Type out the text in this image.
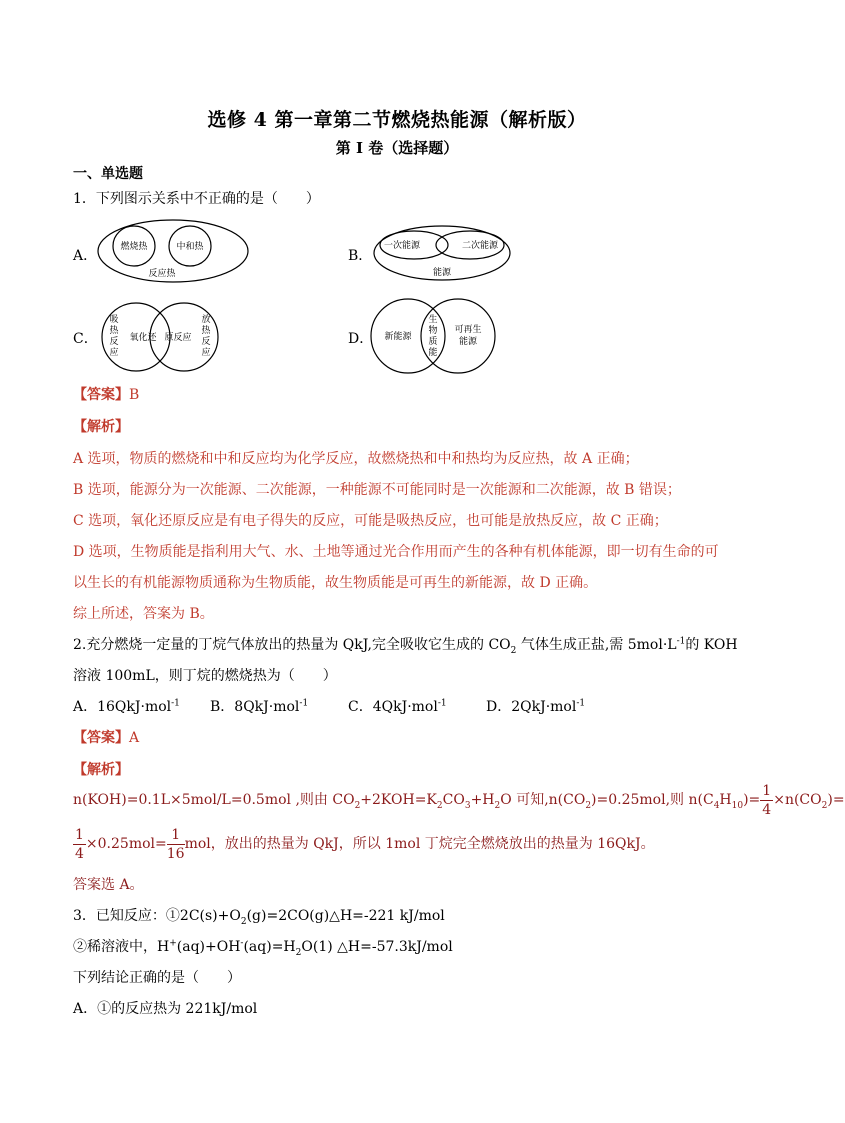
选修 4 第一章第二节燃烧热能源（解析版）
第 I 卷（选择题）
一、单选题
1．下列图示关系中不正确的是（　　）
A．
燃烧热	中和热
反应热
B．
一次能源	二次能源
能源
C．
吸
热
反
应
氧化还 原反应
放
热
反
应
D． 新能源
生
物
质
能
可再生
能源
【答案】B
【解析】
A 选项，物质的燃烧和中和反应均为化学反应，故燃烧热和中和热均为反应热，故 A 正确；
B 选项，能源分为一次能源、二次能源，一种能源不可能同时是一次能源和二次能源，故 B 错误；
C 选项，氧化还原反应是有电子得失的反应，可能是吸热反应，也可能是放热反应，故 C 正确；
D 选项，生物质能是指利用大气、水、土地等通过光合作用而产生的各种有机体能源，即一切有生命的可
以生长的有机能源物质通称为生物质能，故生物质能是可再生的新能源，故 D 正确。
综上所述，答案为 B。
2.充分燃烧一定量的丁烷气体放出的热量为 QkJ,完全吸收它生成的 $CO_2$ 气体生成正盐,需 $5mol\cdot L^{-1}$的 KOH
溶液 100mL，则丁烷的燃烧热为（　　）
A．16QkJ·mol$^{-1}$ B．8QkJ·mol$^{-1}$	C．4QkJ·mol$^{-1}$	D．2QkJ·mol$^{-1}$
【答案】A
【解析】
n(KOH)=0.1L×5mol/L=0.5mol ,则由 $CO_2+2KOH=K_2CO_3+H_2O$ 可知$,n(CO_2)=0.25mol$,则 $n(C_4H_{10})= \frac{1}{4} \times n(CO_2)=$
$\frac{1}{4} \times 0.25mol= \frac{1}{16}$ mol，放出的热量为 QkJ，所以 1mol 丁烷完全燃烧放出的热量为 16QkJ。
答案选 A。
3．已知反应：$①2C(s)+O_2(g)=2CO(g)\triangle H=-221$ kJ/mol
②稀溶液中，$H^+(aq)+OH^-(aq)=H_2O(1)$ △H=-57.3kJ/mol
下列结论正确的是（　　）
A．①的反应热为 221kJ/mol
